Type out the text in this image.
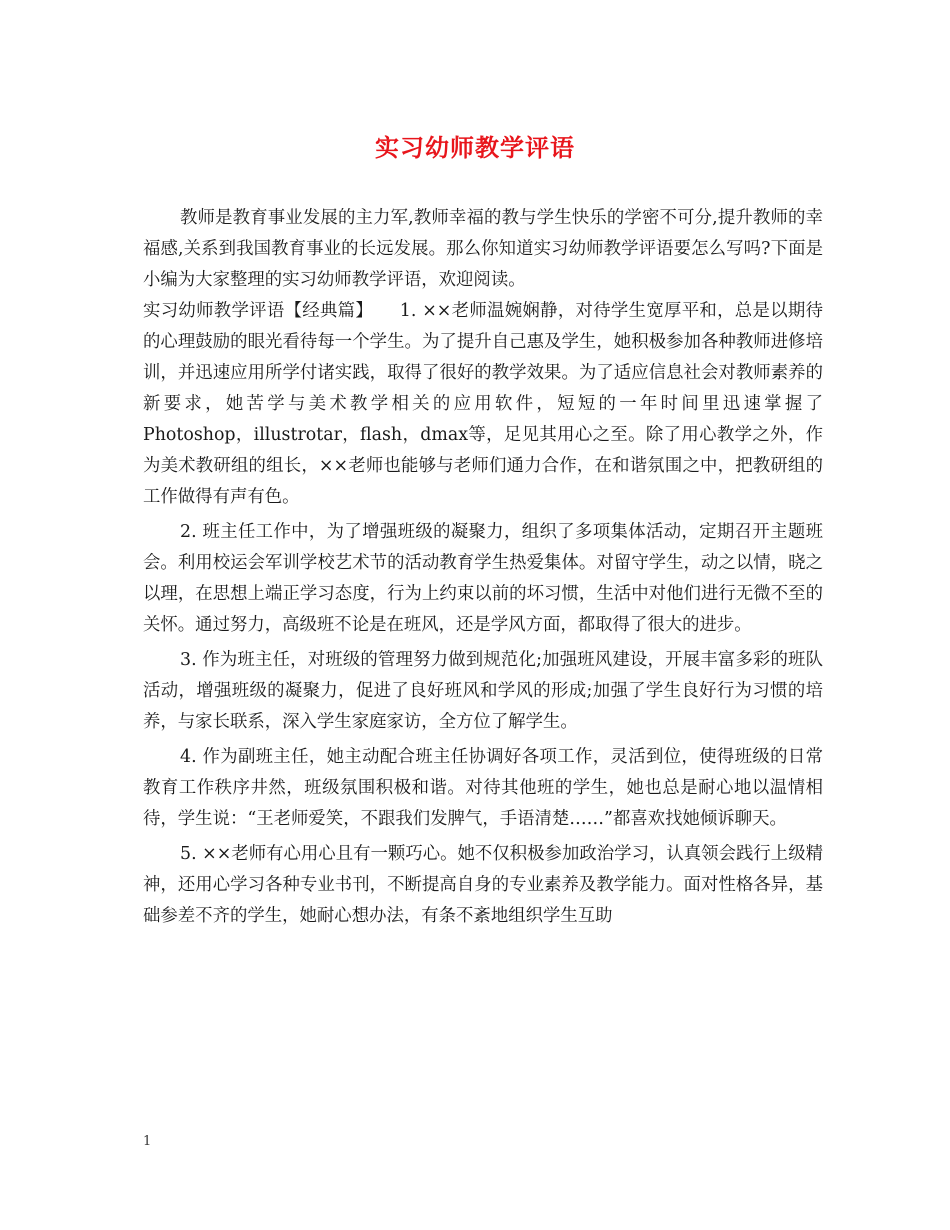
实习幼师教学评语

教师是教育事业发展的主力军,教师幸福的教与学生快乐的学密不可分,提升教师的幸福感,关系到我国教育事业的长远发展。那么你知道实习幼师教学评语要怎么写吗?下面是小编为大家整理的实习幼师教学评语，欢迎阅读。

实习幼师教学评语【经典篇】　　1. ××老师温婉娴静，对待学生宽厚平和，总是以期待的心理鼓励的眼光看待每一个学生。为了提升自己惠及学生，她积极参加各种教师进修培训，并迅速应用所学付诸实践，取得了很好的教学效果。为了适应信息社会对教师素养的新要求，她苦学与美术教学相关的应用软件，短短的一年时间里迅速掌握了Photoshop，illustrotar，flash，dmax等，足见其用心之至。除了用心教学之外，作为美术教研组的组长，××老师也能够与老师们通力合作，在和谐氛围之中，把教研组的工作做得有声有色。

2. 班主任工作中，为了增强班级的凝聚力，组织了多项集体活动，定期召开主题班会。利用校运会军训学校艺术节的活动教育学生热爱集体。对留守学生，动之以情，晓之以理，在思想上端正学习态度，行为上约束以前的坏习惯，生活中对他们进行无微不至的关怀。通过努力，高级班不论是在班风，还是学风方面，都取得了很大的进步。

3. 作为班主任，对班级的管理努力做到规范化;加强班风建设，开展丰富多彩的班队活动，增强班级的凝聚力，促进了良好班风和学风的形成;加强了学生良好行为习惯的培养，与家长联系，深入学生家庭家访，全方位了解学生。

4. 作为副班主任，她主动配合班主任协调好各项工作，灵活到位，使得班级的日常教育工作秩序井然，班级氛围积极和谐。对待其他班的学生，她也总是耐心地以温情相待，学生说：“王老师爱笑，不跟我们发脾气，手语清楚……”都喜欢找她倾诉聊天。

5. ××老师有心用心且有一颗巧心。她不仅积极参加政治学习，认真领会践行上级精神，还用心学习各种专业书刊，不断提高自身的专业素养及教学能力。面对性格各异，基础参差不齐的学生，她耐心想办法，有条不紊地组织学生互助

1
